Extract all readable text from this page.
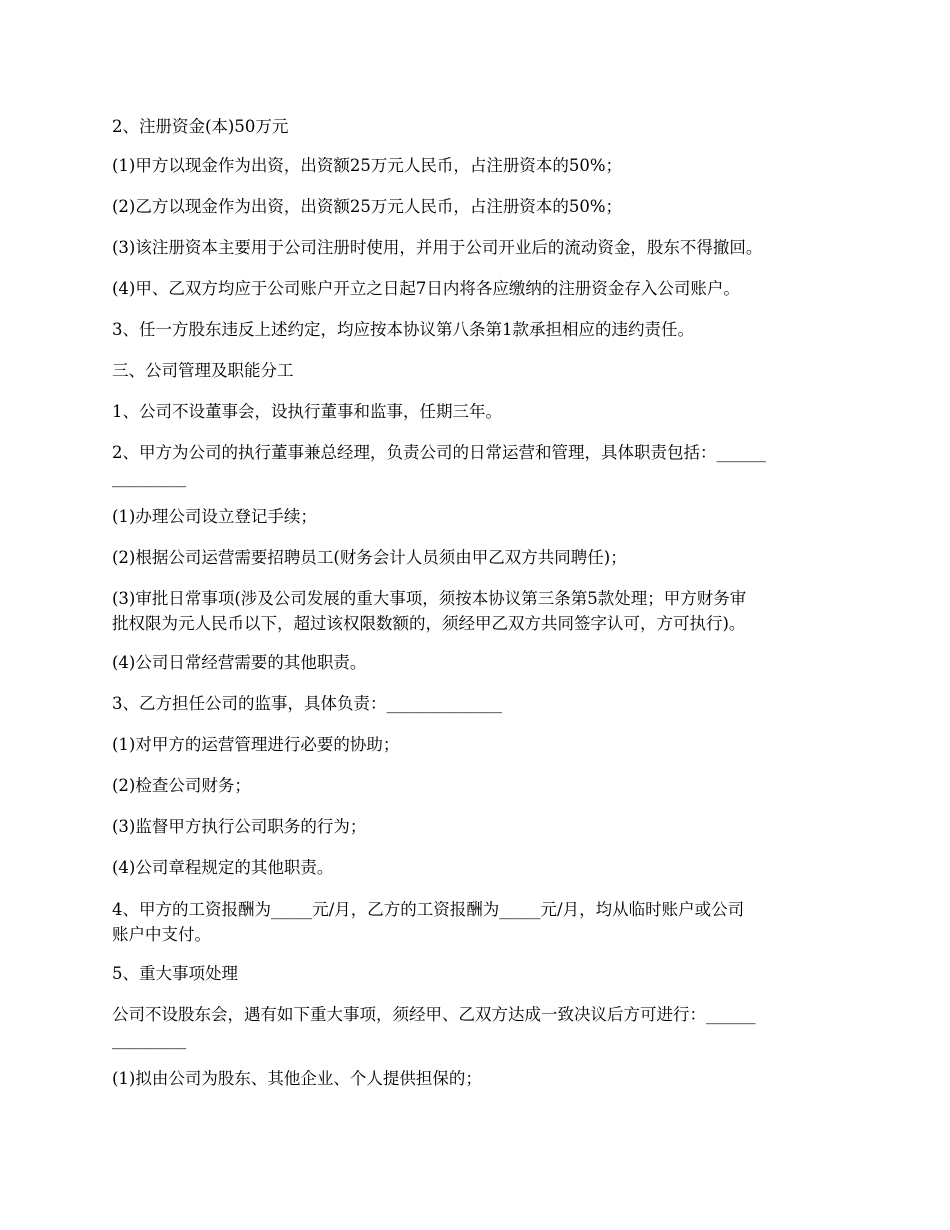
2、注册资金(本)50万元

(1)甲方以现金作为出资，出资额25万元人民币，占注册资本的50%；

(2)乙方以现金作为出资，出资额25万元人民币，占注册资本的50%；

(3)该注册资本主要用于公司注册时使用，并用于公司开业后的流动资金，股东不得撤回。

(4)甲、乙双方均应于公司账户开立之日起7日内将各应缴纳的注册资金存入公司账户。

3、任一方股东违反上述约定，均应按本协议第八条第1款承担相应的违约责任。

三、公司管理及职能分工

1、公司不设董事会，设执行董事和监事，任期三年。

2、甲方为公司的执行董事兼总经理，负责公司的日常运营和管理，具体职责包括：______

_________

(1)办理公司设立登记手续；

(2)根据公司运营需要招聘员工(财务会计人员须由甲乙双方共同聘任)；

(3)审批日常事项(涉及公司发展的重大事项，须按本协议第三条第5款处理；甲方财务审

批权限为元人民币以下，超过该权限数额的，须经甲乙双方共同签字认可，方可执行)。

(4)公司日常经营需要的其他职责。

3、乙方担任公司的监事，具体负责：______________

(1)对甲方的运营管理进行必要的协助；

(2)检查公司财务；

(3)监督甲方执行公司职务的行为；

(4)公司章程规定的其他职责。

4、甲方的工资报酬为_____元/月，乙方的工资报酬为_____元/月，均从临时账户或公司

账户中支付。

5、重大事项处理

公司不设股东会，遇有如下重大事项，须经甲、乙双方达成一致决议后方可进行：______

_________

(1)拟由公司为股东、其他企业、个人提供担保的；
